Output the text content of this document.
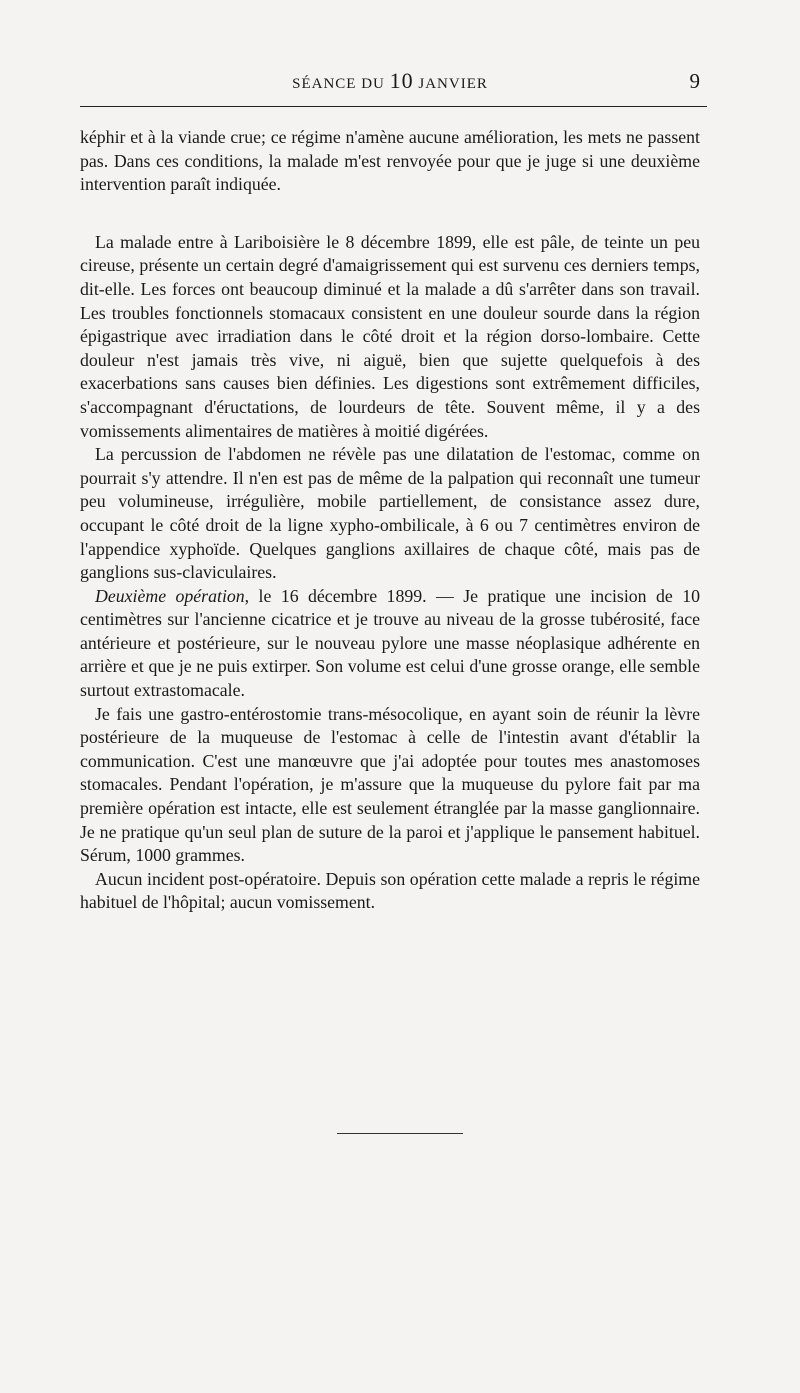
SÉANCE DU 10 JANVIER	9

képhir et à la viande crue; ce régime n'amène aucune amélioration, les mets ne passent pas. Dans ces conditions, la malade m'est renvoyée pour que je juge si une deuxième intervention paraît indiquée.

La malade entre à Lariboisière le 8 décembre 1899, elle est pâle, de teinte un peu cireuse, présente un certain degré d'amaigrissement qui est survenu ces derniers temps, dit-elle. Les forces ont beaucoup diminué et la malade a dû s'arrêter dans son travail. Les troubles fonctionnels stomacaux consistent en une douleur sourde dans la région épigastrique avec irradiation dans le côté droit et la région dorso-lombaire. Cette douleur n'est jamais très vive, ni aiguë, bien que sujette quelquefois à des exacerbations sans causes bien définies. Les digestions sont extrêmement difficiles, s'accompagnant d'éructations, de lourdeurs de tête. Souvent même, il y a des vomissements alimentaires de matières à moitié digérées.

La percussion de l'abdomen ne révèle pas une dilatation de l'estomac, comme on pourrait s'y attendre. Il n'en est pas de même de la palpation qui reconnaît une tumeur peu volumineuse, irrégulière, mobile partiellement, de consistance assez dure, occupant le côté droit de la ligne xypho-ombilicale, à 6 ou 7 centimètres environ de l'appendice xyphoïde. Quelques ganglions axillaires de chaque côté, mais pas de ganglions sus-claviculaires.

Deuxième opération, le 16 décembre 1899. — Je pratique une incision de 10 centimètres sur l'ancienne cicatrice et je trouve au niveau de la grosse tubérosité, face antérieure et postérieure, sur le nouveau pylore une masse néoplasique adhérente en arrière et que je ne puis extirper. Son volume est celui d'une grosse orange, elle semble surtout extrastomacale.

Je fais une gastro-entérostomie trans-mésocolique, en ayant soin de réunir la lèvre postérieure de la muqueuse de l'estomac à celle de l'intestin avant d'établir la communication. C'est une manœuvre que j'ai adoptée pour toutes mes anastomoses stomacales. Pendant l'opération, je m'assure que la muqueuse du pylore fait par ma première opération est intacte, elle est seulement étranglée par la masse ganglionnaire. Je ne pratique qu'un seul plan de suture de la paroi et j'applique le pansement habituel. Sérum, 1000 grammes.

Aucun incident post-opératoire. Depuis son opération cette malade a repris le régime habituel de l'hôpital; aucun vomissement.
